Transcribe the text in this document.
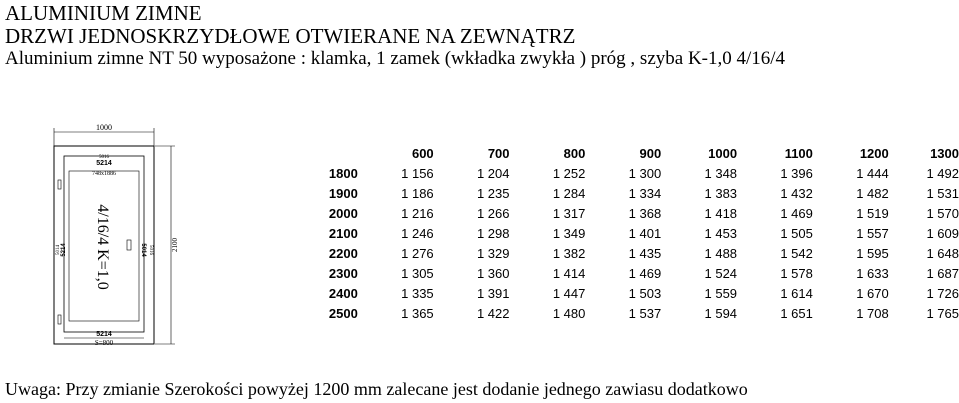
ALUMINIUM ZIMNE
DRZWI JEDNOSKRZYDŁOWE OTWIERANE NA ZEWNĄTRZ
Aluminium zimne NT 50 wyposażone : klamka, 1 zamek (wkładka zwykła ) próg , szyba K-1,0 4/16/4
1000
2100
5016
5214
748x1886
5014 5214	5016
5014
4/16/4 K=1,0
5214
S=800
	600	700	800	900	1000	1100	1200	1300
1800	1 156	1 204	1 252	1 300	1 348	1 396	1 444	1 492
1900	1 186	1 235	1 284	1 334	1 383	1 432	1 482	1 531
2000	1 216	1 266	1 317	1 368	1 418	1 469	1 519	1 570
2100	1 246	1 298	1 349	1 401	1 453	1 505	1 557	1 609
2200	1 276	1 329	1 382	1 435	1 488	1 542	1 595	1 648
2300	1 305	1 360	1 414	1 469	1 524	1 578	1 633	1 687
2400	1 335	1 391	1 447	1 503	1 559	1 614	1 670	1 726
2500	1 365	1 422	1 480	1 537	1 594	1 651	1 708	1 765
Uwaga: Przy zmianie Szerokości powyżej 1200 mm zalecane jest dodanie jednego zawiasu dodatkowo
